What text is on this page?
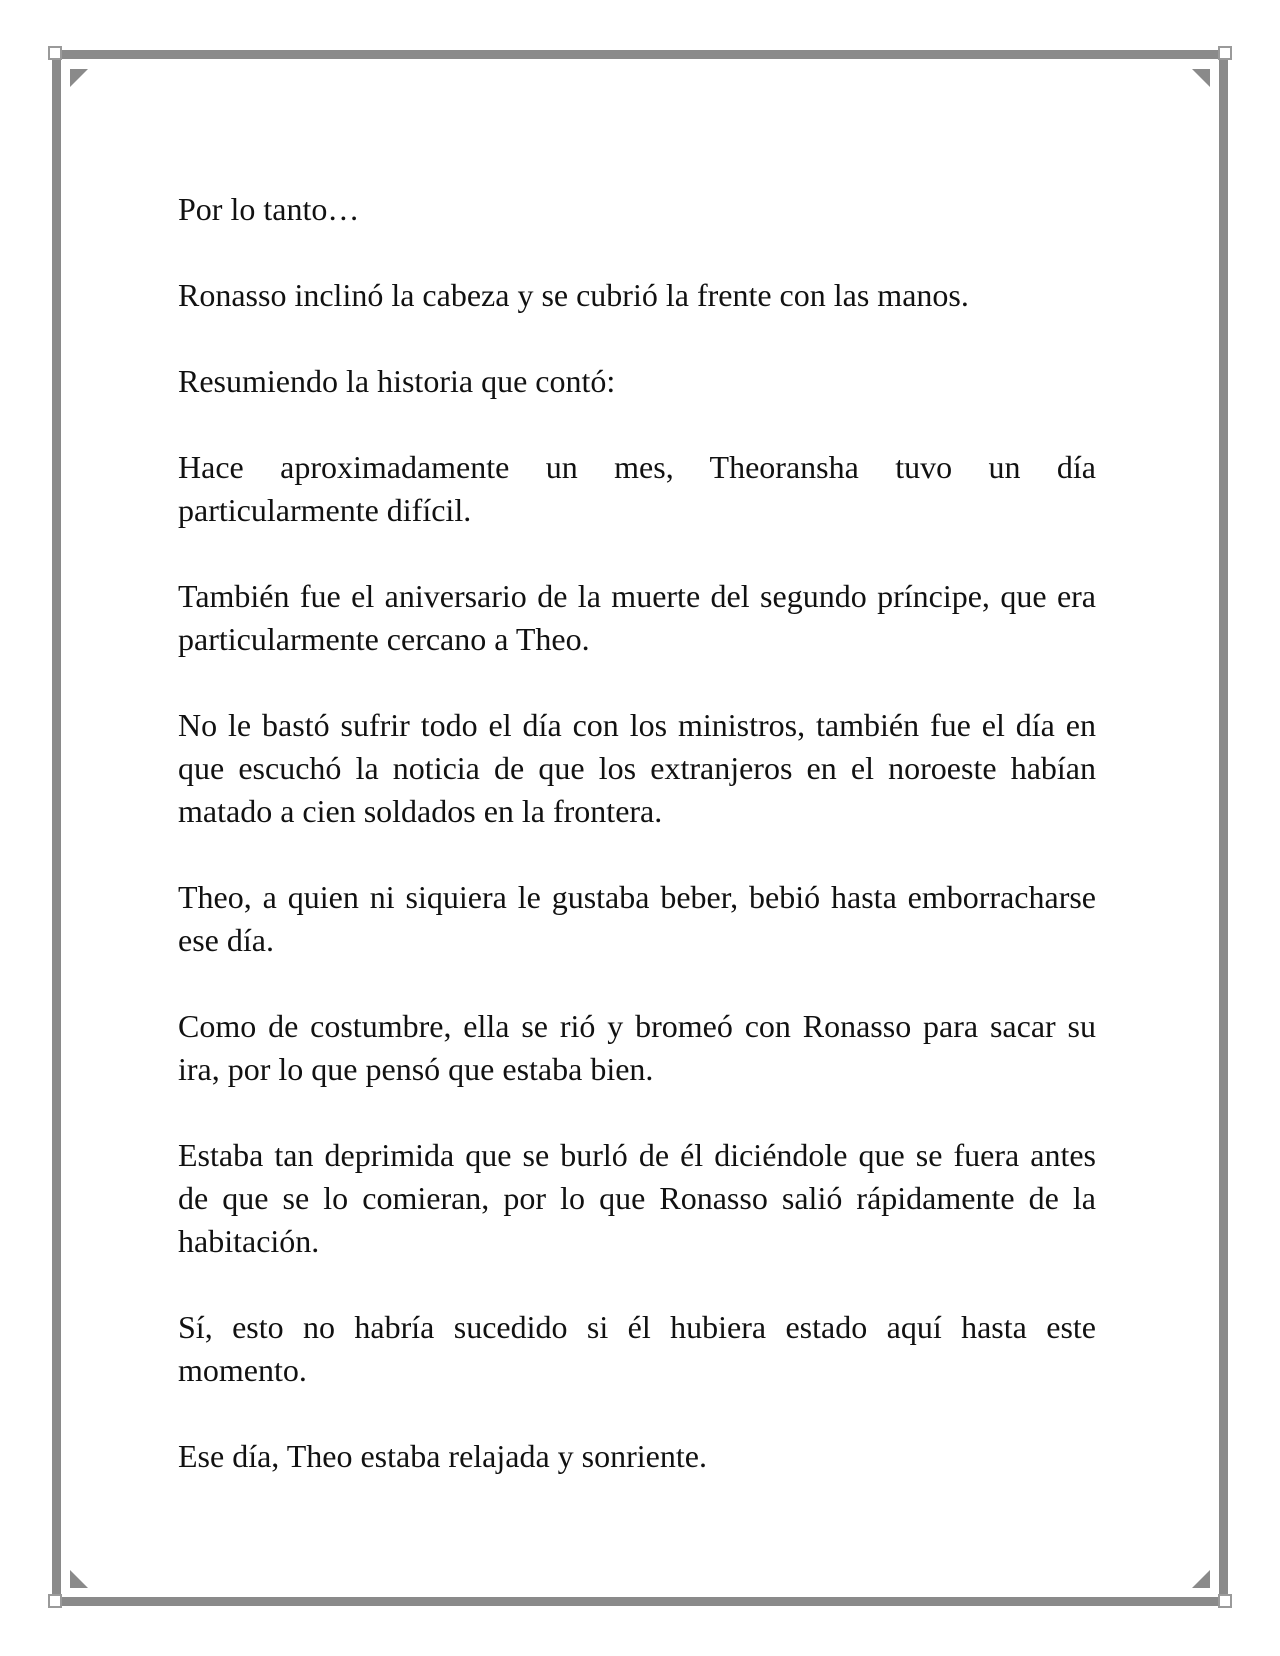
Por lo tanto…

Ronasso inclinó la cabeza y se cubrió la frente con las manos.

Resumiendo la historia que contó:

Hace aproximadamente un mes, Theoransha tuvo un día particularmente difícil.

También fue el aniversario de la muerte del segundo príncipe, que era particularmente cercano a Theo.

No le bastó sufrir todo el día con los ministros, también fue el día en que escuchó la noticia de que los extranjeros en el noroeste habían matado a cien soldados en la frontera.

Theo, a quien ni siquiera le gustaba beber, bebió hasta emborracharse ese día.

Como de costumbre, ella se rió y bromeó con Ronasso para sacar su ira, por lo que pensó que estaba bien.

Estaba tan deprimida que se burló de él diciéndole que se fuera antes de que se lo comieran, por lo que Ronasso salió rápidamente de la habitación.

Sí, esto no habría sucedido si él hubiera estado aquí hasta este momento.

Ese día, Theo estaba relajada y sonriente.
